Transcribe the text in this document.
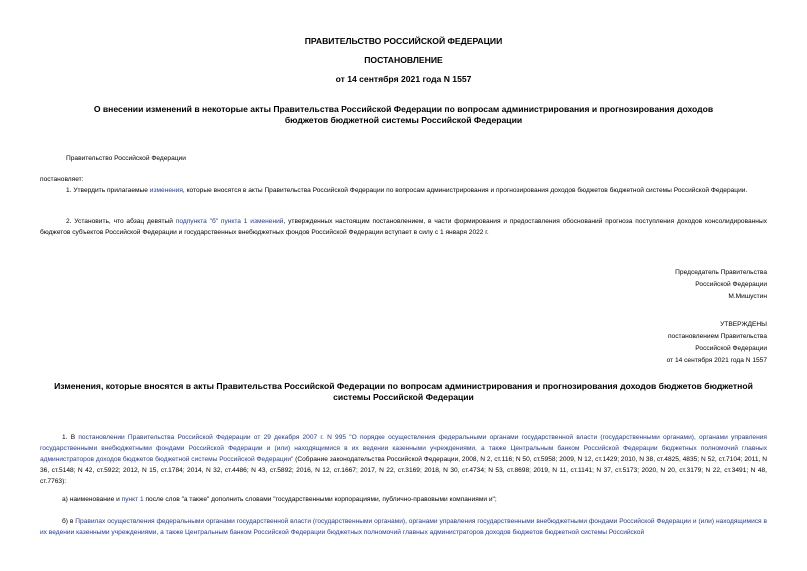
ПРАВИТЕЛЬСТВО РОССИЙСКОЙ ФЕДЕРАЦИИ
ПОСТАНОВЛЕНИЕ
от 14 сентября 2021 года N 1557
О внесении изменений в некоторые акты Правительства Российской Федерации по вопросам администрирования и прогнозирования доходов бюджетов бюджетной системы Российской Федерации
Правительство Российской Федерации
постановляет:
1. Утвердить прилагаемые изменения, которые вносятся в акты Правительства Российской Федерации по вопросам администрирования и прогнозирования доходов бюджетов бюджетной системы Российской Федерации.
2. Установить, что абзац девятый подпункта "б" пункта 1 изменений, утвержденных настоящим постановлением, в части формирования и предоставления обоснований прогноза поступления доходов консолидированных бюджетов субъектов Российской Федерации и государственных внебюджетных фондов Российской Федерации вступает в силу с 1 января 2022 г.
Председатель Правительства
Российской Федерации
М.Мишустин
УТВЕРЖДЕНЫ
постановлением Правительства
Российской Федерации
от 14 сентября 2021 года N 1557
Изменения, которые вносятся в акты Правительства Российской Федерации по вопросам администрирования и прогнозирования доходов бюджетов бюджетной системы Российской Федерации
1. В постановлении Правительства Российской Федерации от 29 декабря 2007 г. N 995 "О порядке осуществления федеральными органами государственной власти (государственными органами), органами управления государственными внебюджетными фондами Российской Федерации и (или) находящимися в их ведении казенными учреждениями, а также Центральным банком Российской Федерации бюджетных полномочий главных администраторов доходов бюджетов бюджетной системы Российской Федерации" (Собрание законодательства Российской Федерации, 2008, N 2, ст.116; N 50, ст.5958; 2009, N 12, ст.1429; 2010, N 38, ст.4825, 4835; N 52, ст.7104; 2011, N 36, ст.5148; N 42, ст.5922; 2012, N 15, ст.1784; 2014, N 32, ст.4486; N 43, ст.5892; 2016, N 12, ст.1667; 2017, N 22, ст.3169; 2018, N 30, ст.4734; N 53, ст.8698; 2019, N 11, ст.1141; N 37, ст.5173; 2020, N 20, ст.3179; N 22, ст.3491; N 48, ст.7763):
а) наименование и пункт 1 после слов "а также" дополнить словами "государственными корпорациями, публично-правовыми компаниями и";
б) в Правилах осуществления федеральными органами государственной власти (государственными органами), органами управления государственными внебюджетными фондами Российской Федерации и (или) находящимися в их ведении казенными учреждениями, а также Центральным банком Российской Федерации бюджетных полномочий главных администраторов доходов бюджетов бюджетной системы Российской
